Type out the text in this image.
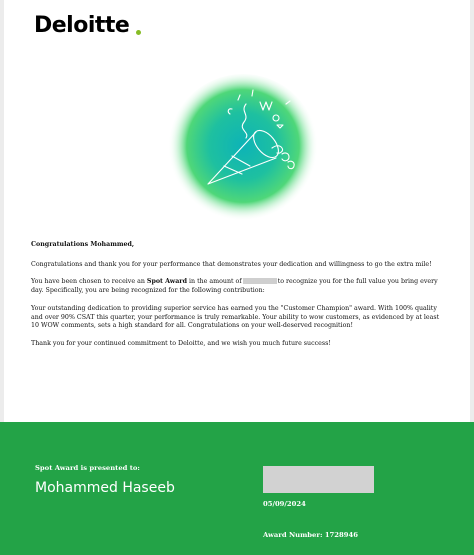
Deloitte

Congratulations Mohammed,

Congratulations and thank you for your performance that demonstrates your dedication and willingness to go the extra mile!

You have been chosen to receive an Spot Award in the amount of	to recognize you for the full value you bring every day. Specifically, you are being recognized for the following contribution:

Your outstanding dedication to providing superior service has earned you the "Customer Champion" award. With 100% quality and over 90% CSAT this quarter, your performance is truly remarkable. Your ability to wow customers, as evidenced by at least 10 WOW comments, sets a high standard for all. Congratulations on your well-deserved recognition!

Thank you for your continued commitment to Deloitte, and we wish you much future success!

Spot Award is presented to:
Mohammed Haseeb
05/09/2024
Award Number: 1728946
